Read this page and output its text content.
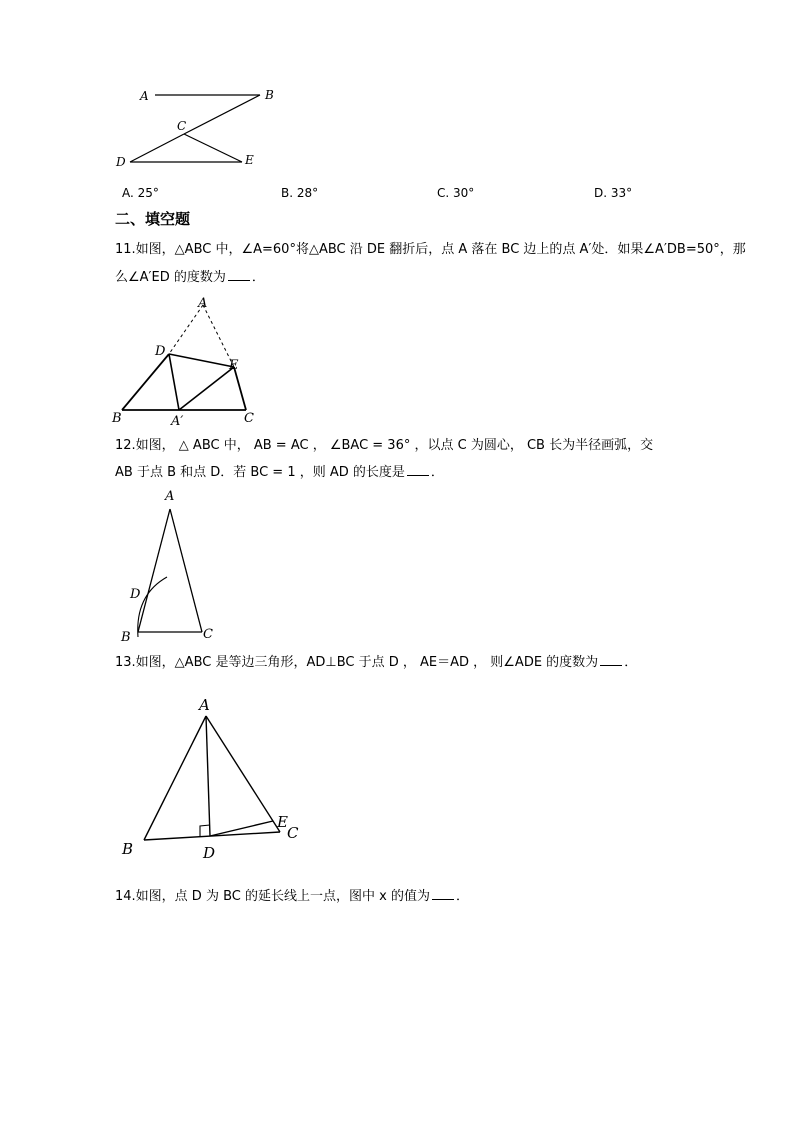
A	B
C
D	E
A. 25°	B. 28°	C. 30°	D. 33°
二、填空题
11.如图，△ABC 中，∠A=60°将△ABC 沿 DE 翻折后，点 A 落在 BC 边上的点 A′处．如果∠A′DB=50°，那
么∠A′ED 的度数为 ．
A
D
E
B	A′	C
12.如图， △ ABC 中， AB = AC ， ∠BAC = 36° ，以点 C 为圆心， CB 长为半径画弧，交
AB 于点 B 和点 D．若 BC = 1 ，则 AD 的长度是 ．
A
D
B	C
13.如图，△ABC 是等边三角形，AD⊥BC 于点 D ， AE＝AD ， 则∠ADE 的度数为 ．
A
B	D
E
C
14.如图，点 D 为 BC 的延长线上一点，图中 x 的值为 ．
